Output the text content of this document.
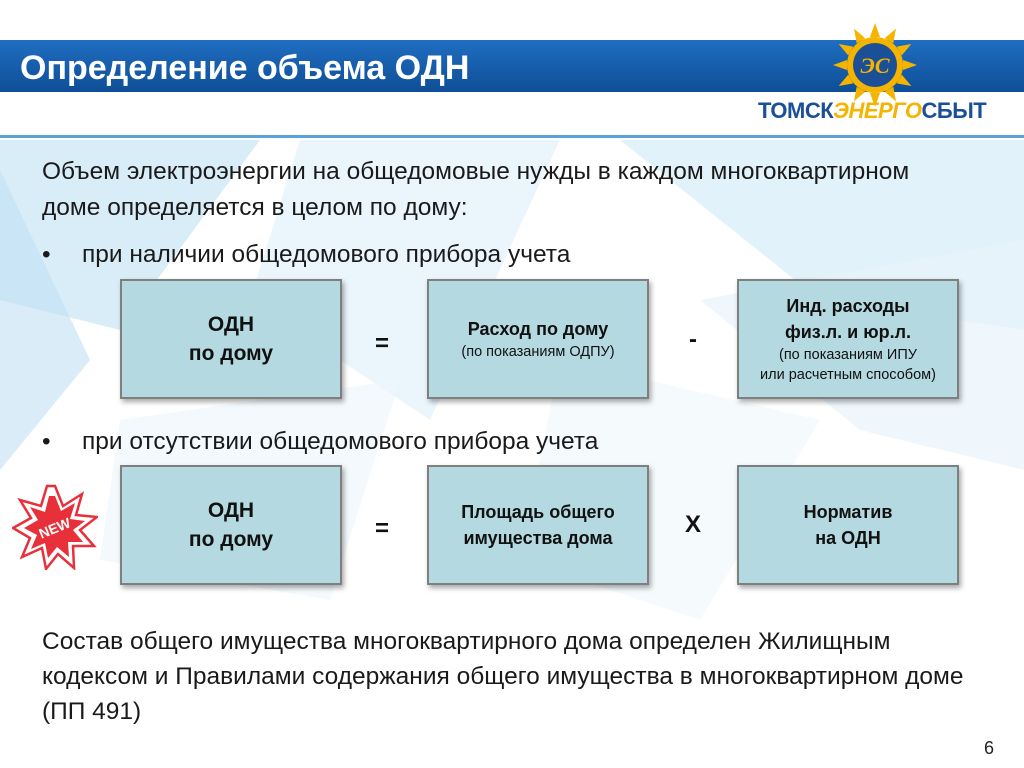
Определение объема ОДН	ЭС
ТОМСКЭНЕРГОСБЫТ
Объем электроэнергии на общедомовые нужды в каждом многоквартирном доме определяется в целом по дому:
• при наличии общедомового прибора учета
ОДН
по дому	=
Расход по дому
(по показаниям ОДПУ)	-
Инд. расходы
физ.л. и юр.л.
(по показаниям ИПУ
или расчетным способом)
• при отсутствии общедомового прибора учета
NEW
ОДН
по дому	=
Площадь общего
имущества дома	Х	Норматив
на ОДН
Состав общего имущества многоквартирного дома определен Жилищным кодексом и Правилами содержания общего имущества в многоквартирном доме (ПП 491)
6
